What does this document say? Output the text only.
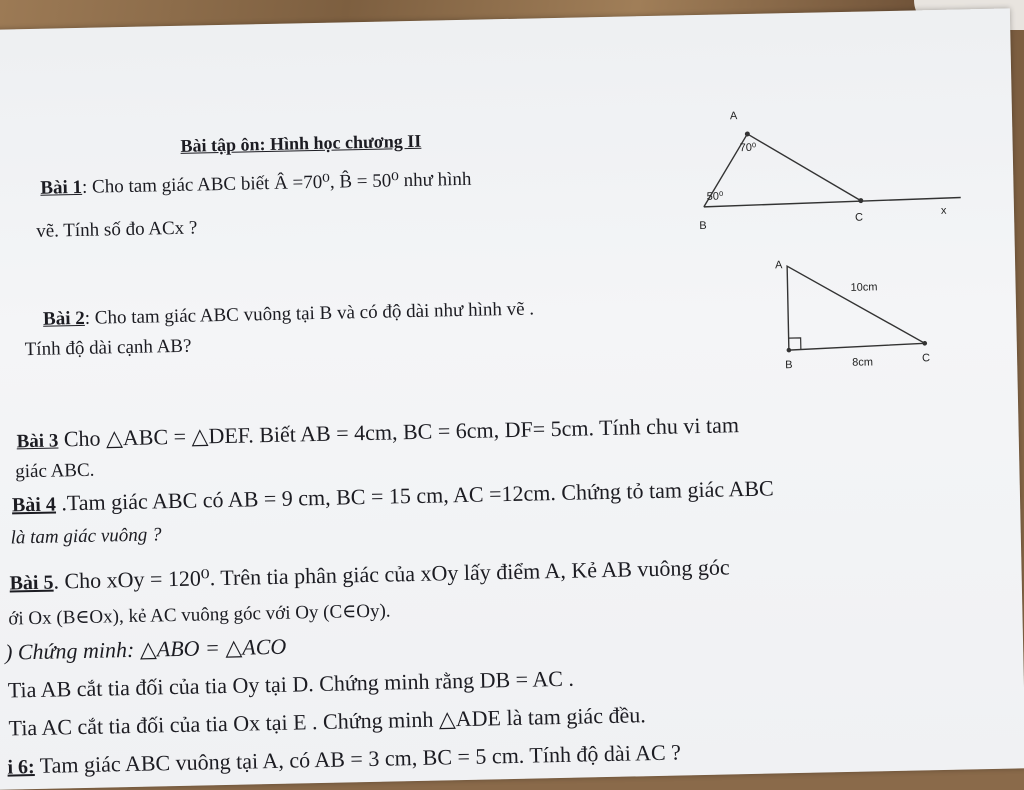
Bài tập ôn: Hình học chương II
Bài 1: Cho tam giác ABC biết Â =70⁰, B̂ = 50⁰ như hình
vẽ. Tính số đo ACx ?
Bài 2: Cho tam giác ABC vuông tại B và có độ dài như hình vẽ .
Tính độ dài cạnh AB?
Bài 3 Cho △ABC = △DEF. Biết AB = 4cm, BC = 6cm, DF= 5cm. Tính chu vi tam
giác ABC.
Bài 4 .Tam giác ABC có AB = 9 cm, BC = 15 cm, AC =12cm. Chứng tỏ tam giác ABC
là tam giác vuông ?
Bài 5. Cho xOy = 120⁰. Trên tia phân giác của xOy lấy điểm A, Kẻ AB vuông góc
ới Ox (B∈Ox), kẻ AC vuông góc với Oy (C∈Oy).
) Chứng minh: △ABO = △ACO
Tia AB cắt tia đối của tia Oy tại D. Chứng minh rằng DB = AC .
Tia AC cắt tia đối của tia Ox tại E . Chứng minh △ADE là tam giác đều.
i 6: Tam giác ABC vuông tại A, có AB = 3 cm, BC = 5 cm. Tính độ dài AC ?
A
70⁰
50⁰
B
C
x
A
10cm
B	8cm	C
